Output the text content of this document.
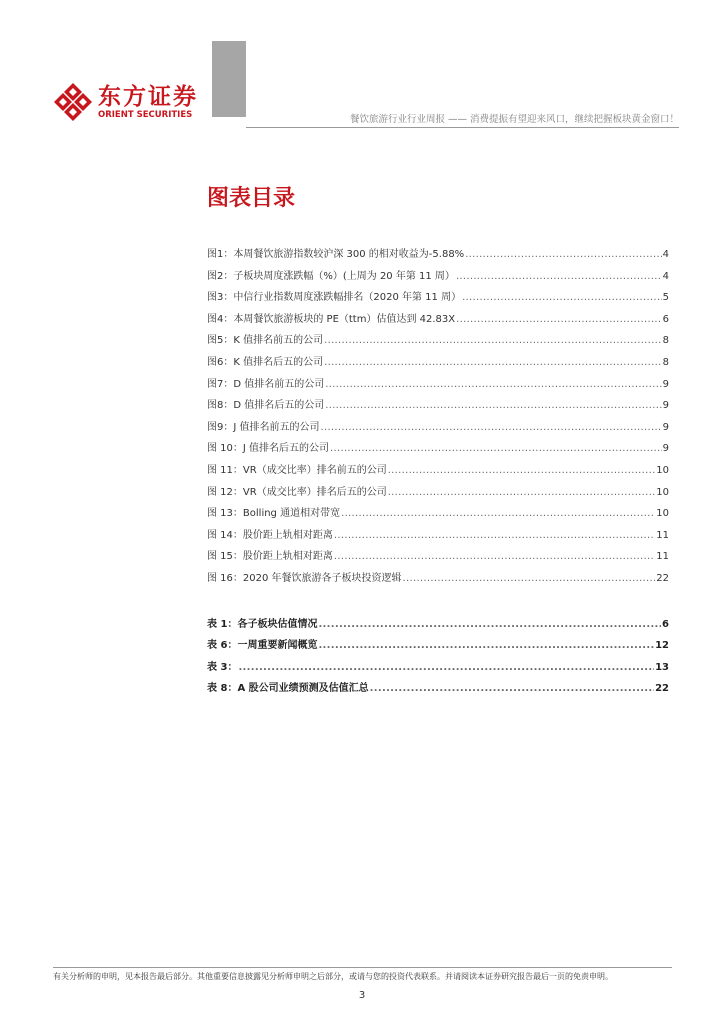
东方证券
ORIENT SECURITIES	餐饮旅游行业行业周报 —— 消费提振有望迎来风口，继续把握板块黄金窗口！
图表目录
图1：本周餐饮旅游指数较沪深 300 的相对收益为-5.88% .....	4
图2：子板块周度涨跌幅（%）(上周为 20 年第 11 周） .....	4
图3：中信行业指数周度涨跌幅排名（2020 年第 11 周） .....	5
图4：本周餐饮旅游板块的 PE（ttm）估值达到 42.83X .....	6
图5：K 值排名前五的公司 .....	8
图6：K 值排名后五的公司 .....	8
图7：D 值排名前五的公司 .....	9
图8：D 值排名后五的公司 .....	9
图9：J 值排名前五的公司 .....	9
图 10：J 值排名后五的公司 .....	9
图 11：VR（成交比率）排名前五的公司 .....	10
图 12：VR（成交比率）排名后五的公司 .....	10
图 13：Bolling 通道相对带宽 .....	10
图 14：股价距上轨相对距离 .....	11
图 15：股价距上轨相对距离 .....	11
图 16：2020 年餐饮旅游各子板块投资逻辑 .....	22
表 1：各子板块估值情况 .....	6
表 6：一周重要新闻概览 .....	12
表 3： .....	13
表 8：A 股公司业绩预测及估值汇总 .....	22
有关分析师的申明，见本报告最后部分。其他重要信息披露见分析师申明之后部分，或请与您的投资代表联系。并请阅读本证券研究报告最后一页的免责申明。
3
